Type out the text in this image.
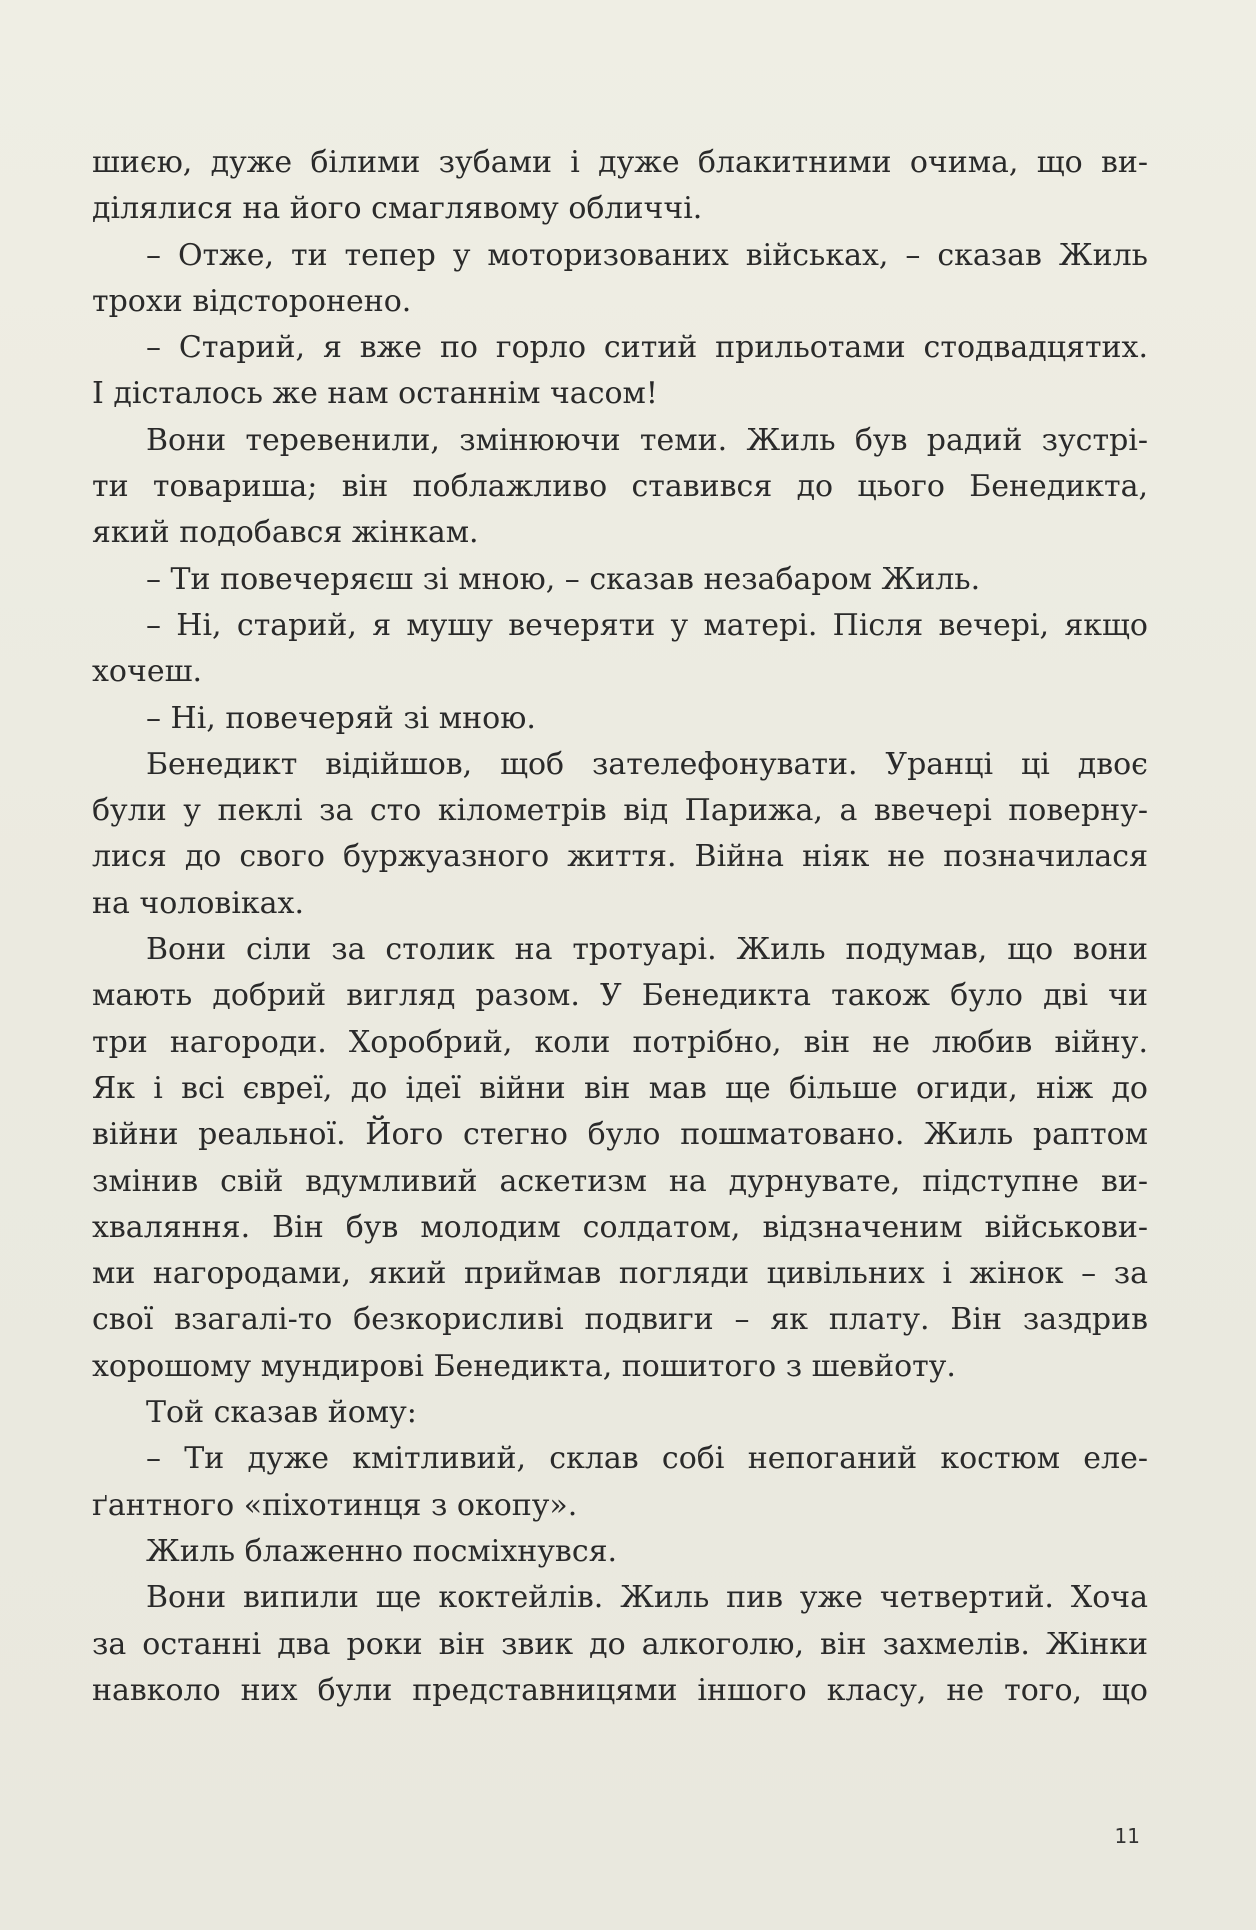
шиєю, дуже білими зубами і дуже блакитними очима, що ви-
ділялися на його смаглявому обличчі.
– Отже, ти тепер у моторизованих військах, – сказав Жиль
трохи відсторонено.
– Старий, я вже по горло ситий прильотами стодвадцятих.
І дісталось же нам останнім часом!
Вони теревенили, змінюючи теми. Жиль був радий зустрі-
ти товариша; він поблажливо ставився до цього Бенедикта,
який подобався жінкам.
– Ти повечеряєш зі мною, – сказав незабаром Жиль.
– Ні, старий, я мушу вечеряти у матері. Після вечері, якщо
хочеш.
– Ні, повечеряй зі мною.
Бенедикт відійшов, щоб зателефонувати. Уранці ці двоє
були у пеклі за сто кілометрів від Парижа, а ввечері поверну-
лися до свого буржуазного життя. Війна ніяк не позначилася
на чоловіках.
Вони сіли за столик на тротуарі. Жиль подумав, що вони
мають добрий вигляд разом. У Бенедикта також було дві чи
три нагороди. Хоробрий, коли потрібно, він не любив війну.
Як і всі євреї, до ідеї війни він мав ще більше огиди, ніж до
війни реальної. Його стегно було пошматовано. Жиль раптом
змінив свій вдумливий аскетизм на дурнувате, підступне ви-
хваляння. Він був молодим солдатом, відзначеним військови-
ми нагородами, який приймав погляди цивільних і жінок – за
свої взагалі-то безкорисливі подвиги – як плату. Він заздрив
хорошому мундирові Бенедикта, пошитого з шевйоту.
Той сказав йому:
– Ти дуже кмітливий, склав собі непоганий костюм еле-
ґантного «піхотинця з окопу».
Жиль блаженно посміхнувся.
Вони випили ще коктейлів. Жиль пив уже четвертий. Хоча
за останні два роки він звик до алкоголю, він захмелів. Жінки
навколо них були представницями іншого класу, не того, що
11
